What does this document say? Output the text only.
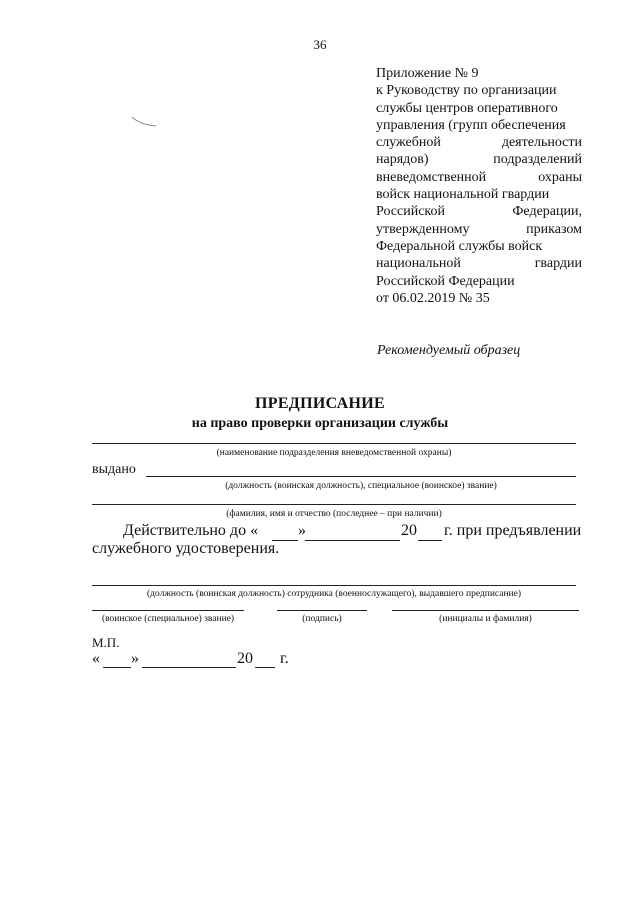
36
Приложение № 9
к Руководству по организации
службы центров оперативного
управления (групп обеспечения
служебной	деятельности
нарядов)	подразделений
вневедомственной	охраны
войск национальной гвардии
Российской	Федерации,
утвержденному	приказом
Федеральной службы войск
национальной	гвардии
Российской Федерации
от 06.02.2019 № 35
Рекомендуемый образец
ПРЕДПИСАНИЕ
на право проверки организации службы
(наименование подразделения вневедомственной охраны)
выдано
(должность (воинская должность), специальное (воинское) звание)
(фамилия, имя и отчество (последнее – при наличии)
Действительно до « »	20 г. при предъявлении
служебного удостоверения.
(должность (воинская должность) сотрудника (военнослужащего), выдавшего предписание)
(воинское (специальное) звание)	(подпись)	(инициалы и фамилия)
М.П.
« »	20 г.
